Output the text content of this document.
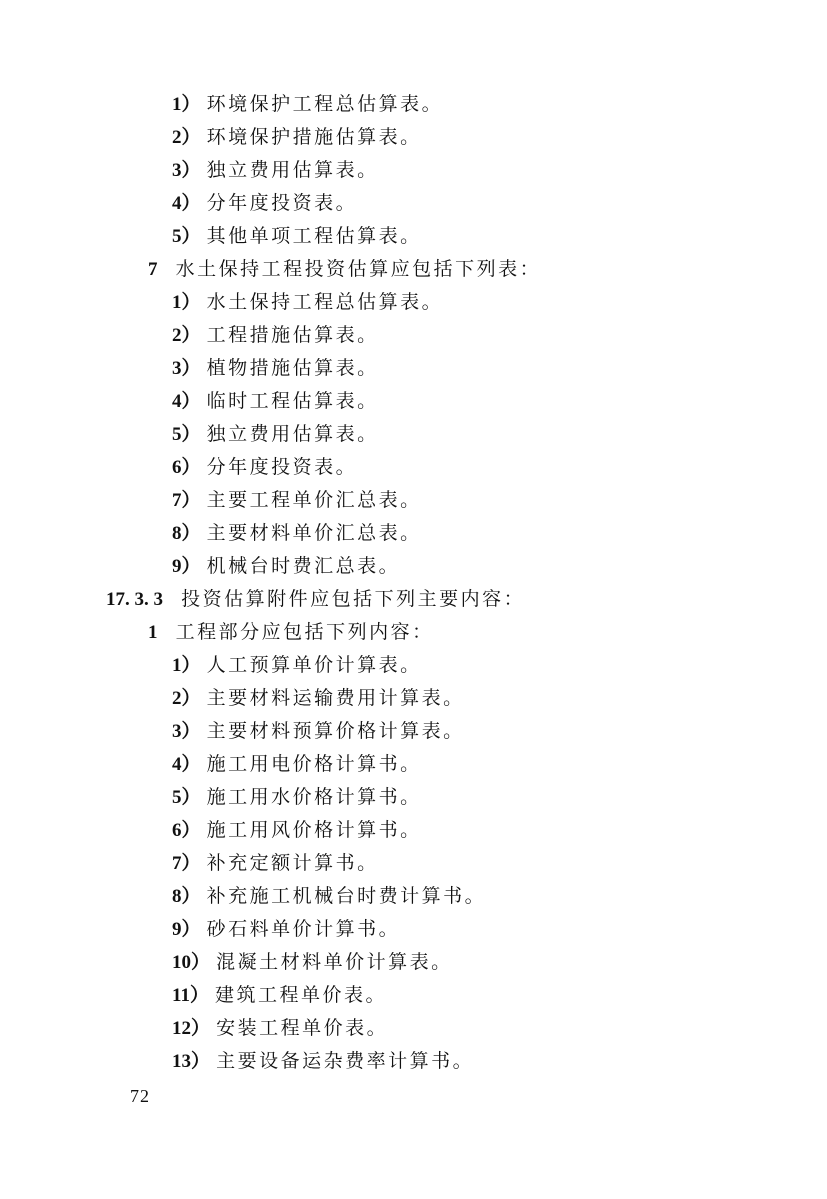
1） 环境保护工程总估算表。
2） 环境保护措施估算表。
3） 独立费用估算表。
4） 分年度投资表。
5） 其他单项工程估算表。
7 水土保持工程投资估算应包括下列表：
1） 水土保持工程总估算表。
2） 工程措施估算表。
3） 植物措施估算表。
4） 临时工程估算表。
5） 独立费用估算表。
6） 分年度投资表。
7） 主要工程单价汇总表。
8） 主要材料单价汇总表。
9） 机械台时费汇总表。
17. 3. 3 投资估算附件应包括下列主要内容：
1 工程部分应包括下列内容：
1） 人工预算单价计算表。
2） 主要材料运输费用计算表。
3） 主要材料预算价格计算表。
4） 施工用电价格计算书。
5） 施工用水价格计算书。
6） 施工用风价格计算书。
7） 补充定额计算书。
8） 补充施工机械台时费计算书。
9） 砂石料单价计算书。
10） 混凝土材料单价计算表。
11） 建筑工程单价表。
12） 安装工程单价表。
13） 主要设备运杂费率计算书。
72
